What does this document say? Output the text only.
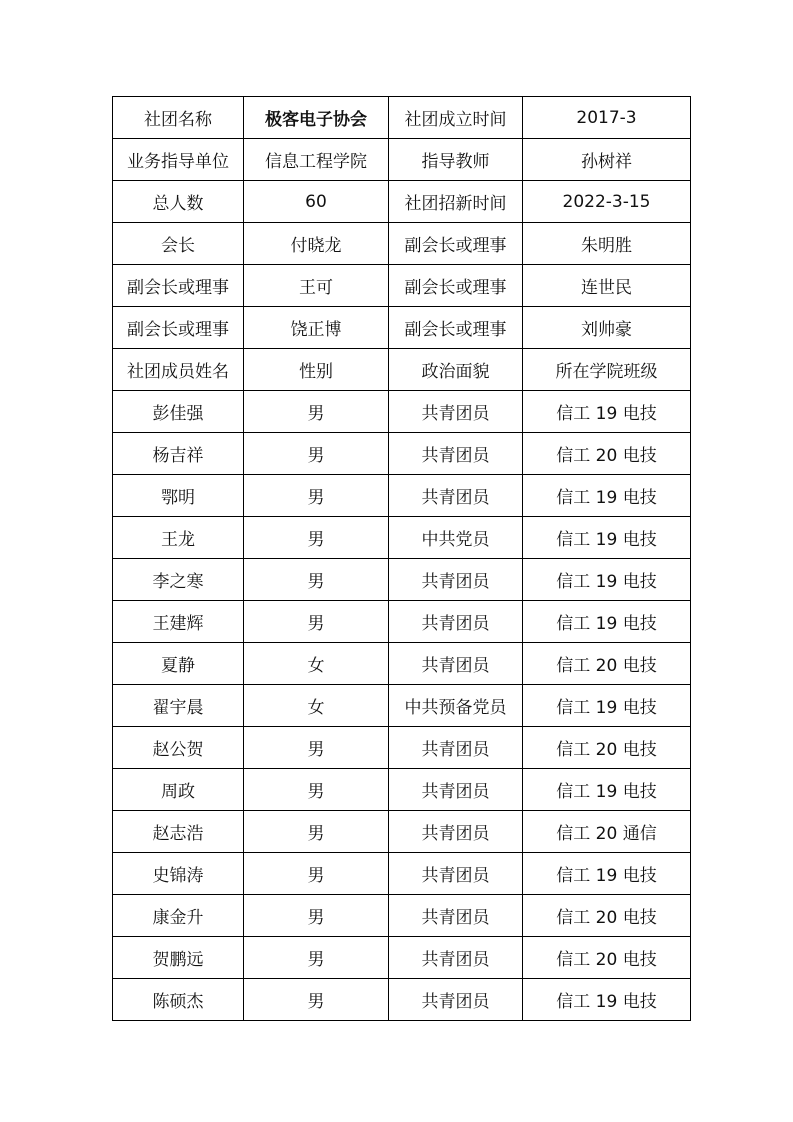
社团名称	极客电子协会	社团成立时间	2017-3
业务指导单位	信息工程学院	指导教师	孙树祥
总人数	60	社团招新时间	2022-3-15
会长	付晓龙	副会长或理事	朱明胜
副会长或理事	王可	副会长或理事	连世民
副会长或理事	饶正博	副会长或理事	刘帅豪
社团成员姓名	性别	政治面貌	所在学院班级
彭佳强	男	共青团员	信工 19 电技
杨吉祥	男	共青团员	信工 20 电技
鄂明	男	共青团员	信工 19 电技
王龙	男	中共党员	信工 19 电技
李之寒	男	共青团员	信工 19 电技
王建辉	男	共青团员	信工 19 电技
夏静	女	共青团员	信工 20 电技
翟宇晨	女	中共预备党员	信工 19 电技
赵公贺	男	共青团员	信工 20 电技
周政	男	共青团员	信工 19 电技
赵志浩	男	共青团员	信工 20 通信
史锦涛	男	共青团员	信工 19 电技
康金升	男	共青团员	信工 20 电技
贺鹏远	男	共青团员	信工 20 电技
陈硕杰	男	共青团员	信工 19 电技
